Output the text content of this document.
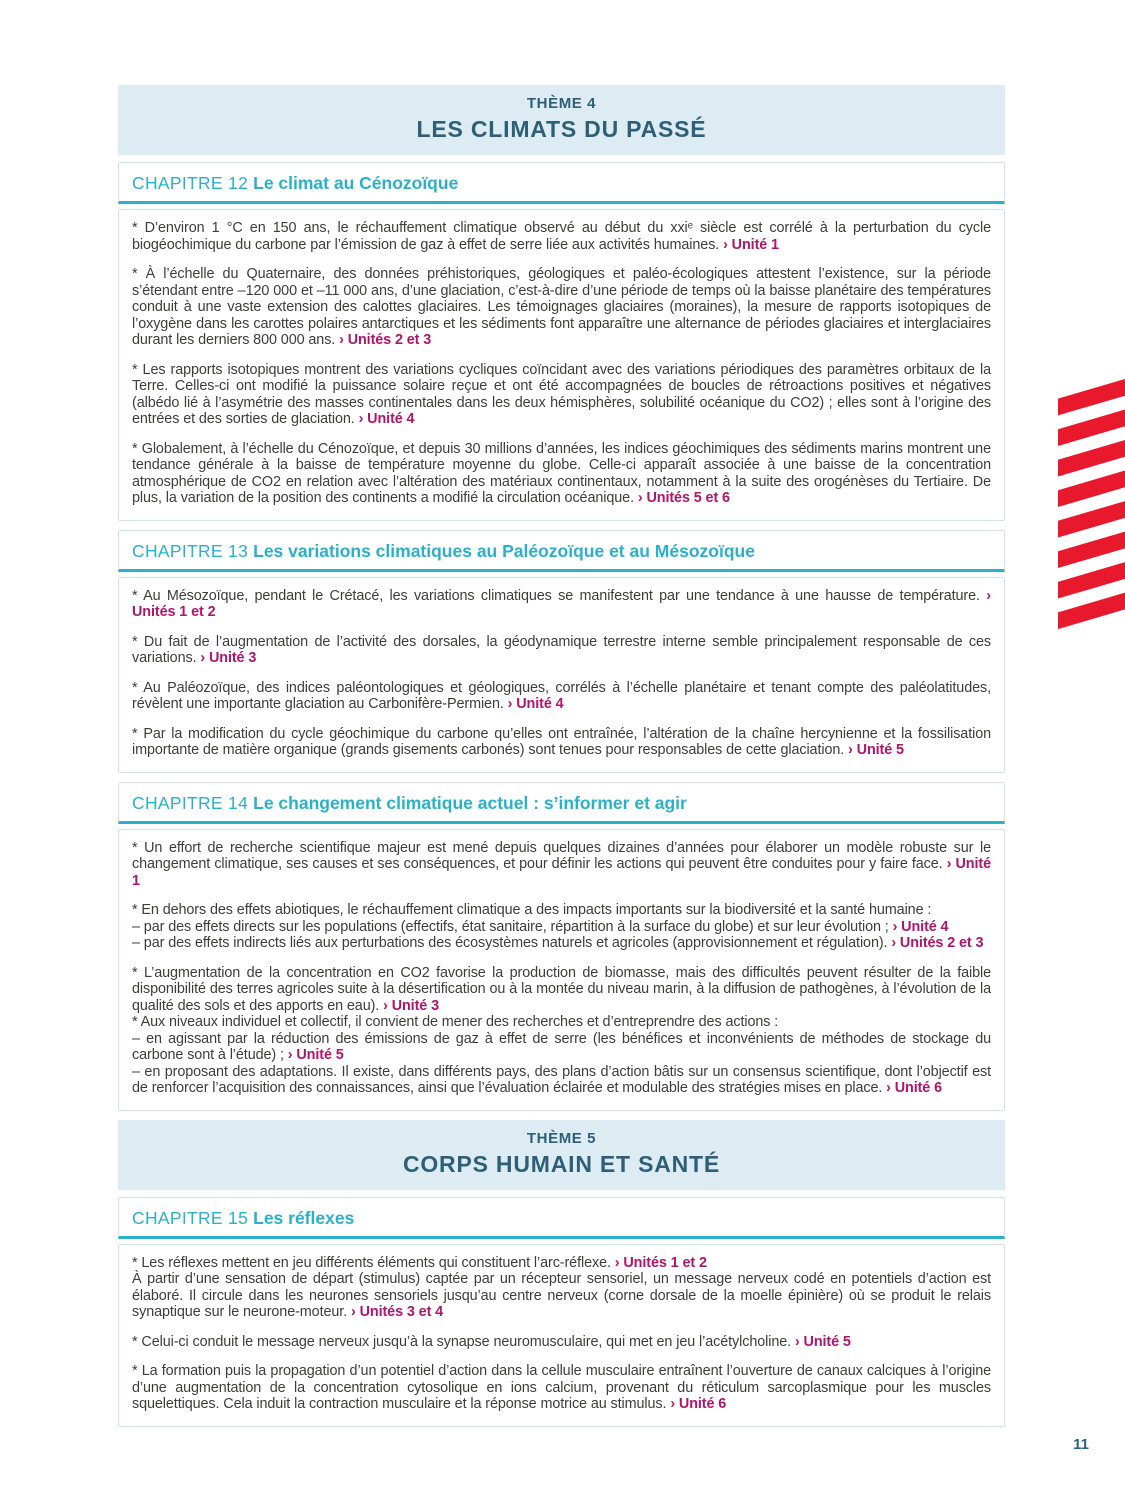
THÈME 4
LES CLIMATS DU PASSÉ
CHAPITRE 12 Le climat au Cénozoïque

* D’environ 1 °C en 150 ans, le réchauffement climatique observé au début du xxiᵉ siècle est corrélé à la perturbation du cycle biogéochimique du carbone par l’émission de gaz à effet de serre liée aux activités humaines. › Unité 1

* À l’échelle du Quaternaire, des données préhistoriques, géologiques et paléo-écologiques attestent l’existence, sur la période s’étendant entre –120 000 et –11 000 ans, d’une glaciation, c’est-à-dire d’une période de temps où la baisse planétaire des températures conduit à une vaste extension des calottes glaciaires. Les témoignages glaciaires (moraines), la mesure de rapports isotopiques de l’oxygène dans les carottes polaires antarctiques et les sédiments font apparaître une alternance de périodes glaciaires et interglaciaires durant les derniers 800 000 ans. › Unités 2 et 3

* Les rapports isotopiques montrent des variations cycliques coïncidant avec des variations périodiques des paramètres orbitaux de la Terre. Celles-ci ont modifié la puissance solaire reçue et ont été accompagnées de boucles de rétroactions positives et négatives (albédo lié à l’asymétrie des masses continentales dans les deux hémisphères, solubilité océanique du CO2) ; elles sont à l’origine des entrées et des sorties de glaciation. › Unité 4

* Globalement, à l’échelle du Cénozoïque, et depuis 30 millions d’années, les indices géochimiques des sédiments marins montrent une tendance générale à la baisse de température moyenne du globe. Celle-ci apparaît associée à une baisse de la concentration atmosphérique de CO2 en relation avec l’altération des matériaux continentaux, notamment à la suite des orogénèses du Tertiaire. De plus, la variation de la position des continents a modifié la circulation océanique. › Unités 5 et 6

CHAPITRE 13 Les variations climatiques au Paléozoïque et au Mésozoïque

* Au Mésozoïque, pendant le Crétacé, les variations climatiques se manifestent par une tendance à une hausse de température. › Unités 1 et 2

* Du fait de l’augmentation de l’activité des dorsales, la géodynamique terrestre interne semble principalement responsable de ces variations. › Unité 3

* Au Paléozoïque, des indices paléontologiques et géologiques, corrélés à l’échelle planétaire et tenant compte des paléolatitudes, révèlent une importante glaciation au Carbonifère-Permien. › Unité 4

* Par la modification du cycle géochimique du carbone qu’elles ont entraînée, l’altération de la chaîne hercynienne et la fossilisation importante de matière organique (grands gisements carbonés) sont tenues pour responsables de cette glaciation. › Unité 5

CHAPITRE 14 Le changement climatique actuel : s’informer et agir

* Un effort de recherche scientifique majeur est mené depuis quelques dizaines d’années pour élaborer un modèle robuste sur le changement climatique, ses causes et ses conséquences, et pour définir les actions qui peuvent être conduites pour y faire face. › Unité 1

* En dehors des effets abiotiques, le réchauffement climatique a des impacts importants sur la biodiversité et la santé humaine :
– par des effets directs sur les populations (effectifs, état sanitaire, répartition à la surface du globe) et sur leur évolution ; › Unité 4
– par des effets indirects liés aux perturbations des écosystèmes naturels et agricoles (approvisionnement et régulation). › Unités 2 et 3

* L’augmentation de la concentration en CO2 favorise la production de biomasse, mais des difficultés peuvent résulter de la faible disponibilité des terres agricoles suite à la désertification ou à la montée du niveau marin, à la diffusion de pathogènes, à l’évolution de la qualité des sols et des apports en eau). › Unité 3

* Aux niveaux individuel et collectif, il convient de mener des recherches et d’entreprendre des actions :
– en agissant par la réduction des émissions de gaz à effet de serre (les bénéfices et inconvénients de méthodes de stockage du carbone sont à l’étude) ; › Unité 5
– en proposant des adaptations. Il existe, dans différents pays, des plans d’action bâtis sur un consensus scientifique, dont l’objectif est de renforcer l’acquisition des connaissances, ainsi que l’évaluation éclairée et modulable des stratégies mises en place. › Unité 6

THÈME 5
CORPS HUMAIN ET SANTÉ
CHAPITRE 15 Les réflexes

* Les réflexes mettent en jeu différents éléments qui constituent l’arc-réflexe. › Unités 1 et 2
À partir d’une sensation de départ (stimulus) captée par un récepteur sensoriel, un message nerveux codé en potentiels d’action est élaboré. Il circule dans les neurones sensoriels jusqu’au centre nerveux (corne dorsale de la moelle épinière) où se produit le relais synaptique sur le neurone-moteur. › Unités 3 et 4

* Celui-ci conduit le message nerveux jusqu’à la synapse neuromusculaire, qui met en jeu l’acétylcholine. › Unité 5

* La formation puis la propagation d’un potentiel d’action dans la cellule musculaire entraînent l’ouverture de canaux calciques à l’origine d’une augmentation de la concentration cytosolique en ions calcium, provenant du réticulum sarcoplasmique pour les muscles squelettiques. Cela induit la contraction musculaire et la réponse motrice au stimulus. › Unité 6

11
